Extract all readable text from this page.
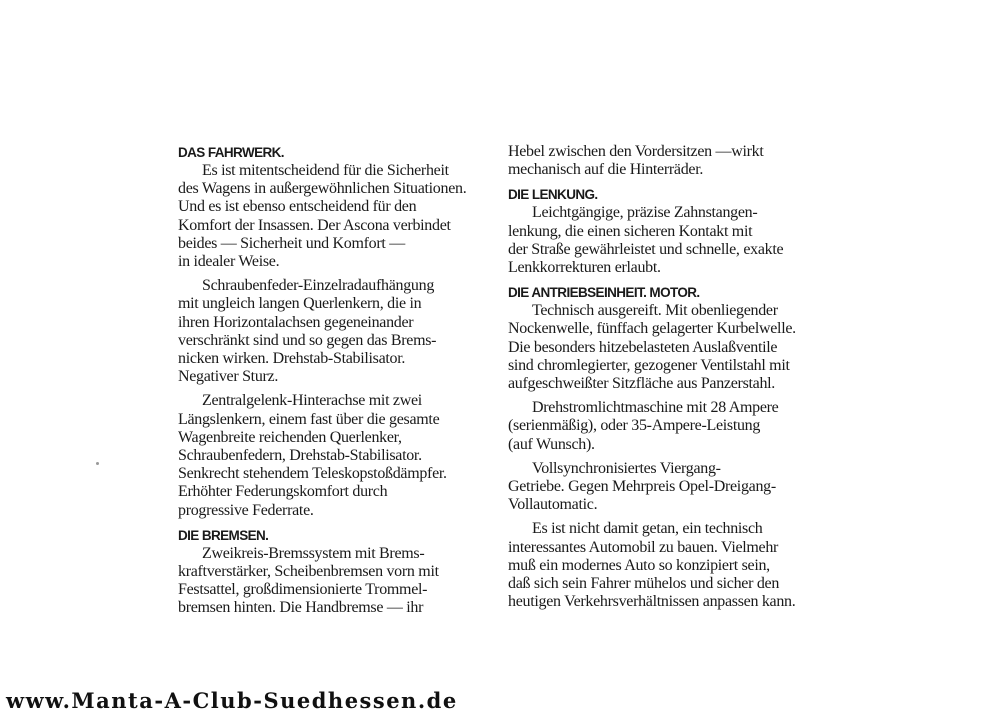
DAS FAHRWERK.

Es ist mitentscheidend für die Sicherheit
des Wagens in außergewöhnlichen Situationen.
Und es ist ebenso entscheidend für den
Komfort der Insassen. Der Ascona verbindet
beides — Sicherheit und Komfort —
in idealer Weise.

Schraubenfeder-Einzelradaufhängung
mit ungleich langen Querlenkern, die in
ihren Horizontalachsen gegeneinander
verschränkt sind und so gegen das Brems-
nicken wirken. Drehstab-Stabilisator.
Negativer Sturz.

Zentralgelenk-Hinterachse mit zwei
Längslenkern, einem fast über die gesamte
Wagenbreite reichenden Querlenker,
Schraubenfedern, Drehstab-Stabilisator.
Senkrecht stehendem Teleskopstoßdämpfer.
Erhöhter Federungskomfort durch
progressive Federrate.

DIE BREMSEN.

Zweikreis-Bremssystem mit Brems-
kraftverstärker, Scheibenbremsen vorn mit
Festsattel, großdimensionierte Trommel-
bremsen hinten. Die Handbremse — ihr

Hebel zwischen den Vordersitzen —wirkt
mechanisch auf die Hinterräder.

DIE LENKUNG.

Leichtgängige, präzise Zahnstangen-
lenkung, die einen sicheren Kontakt mit
der Straße gewährleistet und schnelle, exakte
Lenkkorrekturen erlaubt.

DIE ANTRIEBSEINHEIT. MOTOR.

Technisch ausgereift. Mit obenliegender
Nockenwelle, fünffach gelagerter Kurbelwelle.
Die besonders hitzebelasteten Auslaßventile
sind chromlegierter, gezogener Ventilstahl mit
aufgeschweißter Sitzfläche aus Panzerstahl.

Drehstromlichtmaschine mit 28 Ampere
(serienmäßig), oder 35-Ampere-Leistung
(auf Wunsch).

Vollsynchronisiertes Viergang-
Getriebe. Gegen Mehrpreis Opel-Dreigang-
Vollautomatic.

Es ist nicht damit getan, ein technisch
interessantes Automobil zu bauen. Vielmehr
muß ein modernes Auto so konzipiert sein,
daß sich sein Fahrer mühelos und sicher den
heutigen Verkehrsverhältnissen anpassen kann.

www.Manta-A-Club-Suedhessen.de
